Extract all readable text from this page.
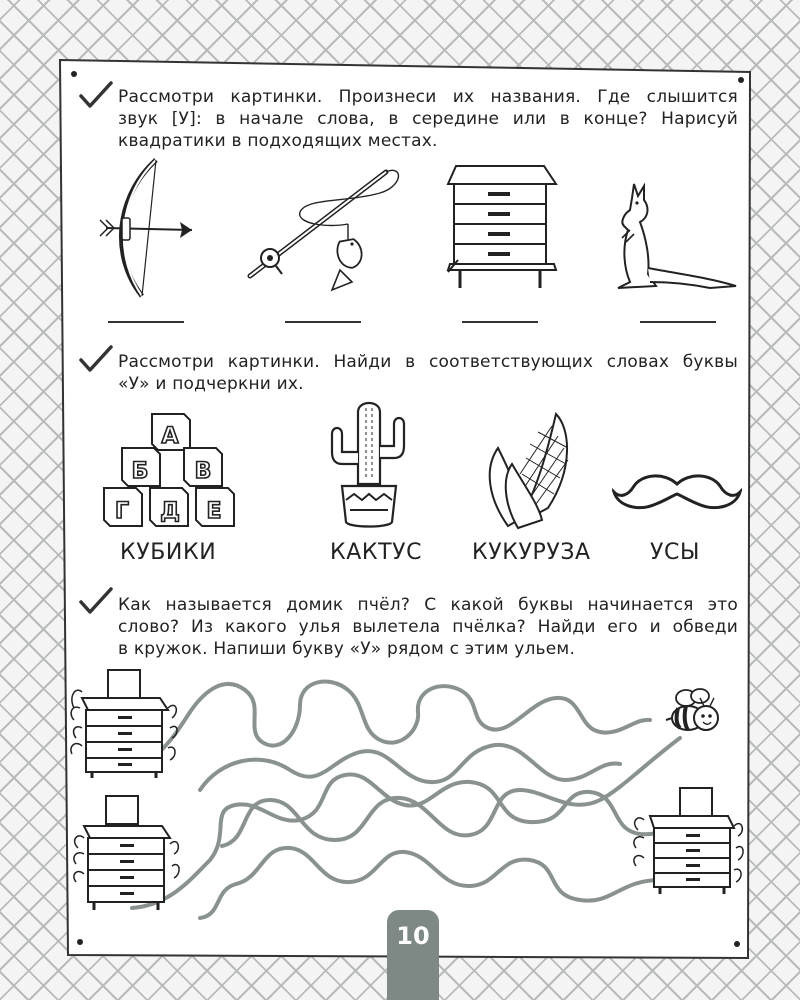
Рассмотри картинки. Произнеси их названия. Где слышится

звук [У]: в начале слова, в середине или в конце? Нарисуй

квадратики в подходящих местах.

Рассмотри картинки. Найди в соответствующих словах буквы

«У» и подчеркни их.

А
Б В
Г Д Е
КУБИКИ	КАКТУС КУКУРУЗА	УСЫ

Как называется домик пчёл? С какой буквы начинается это

слово? Из какого улья вылетела пчёлка? Найди его и обведи

в кружок. Напиши букву «У» рядом с этим ульем.

10
